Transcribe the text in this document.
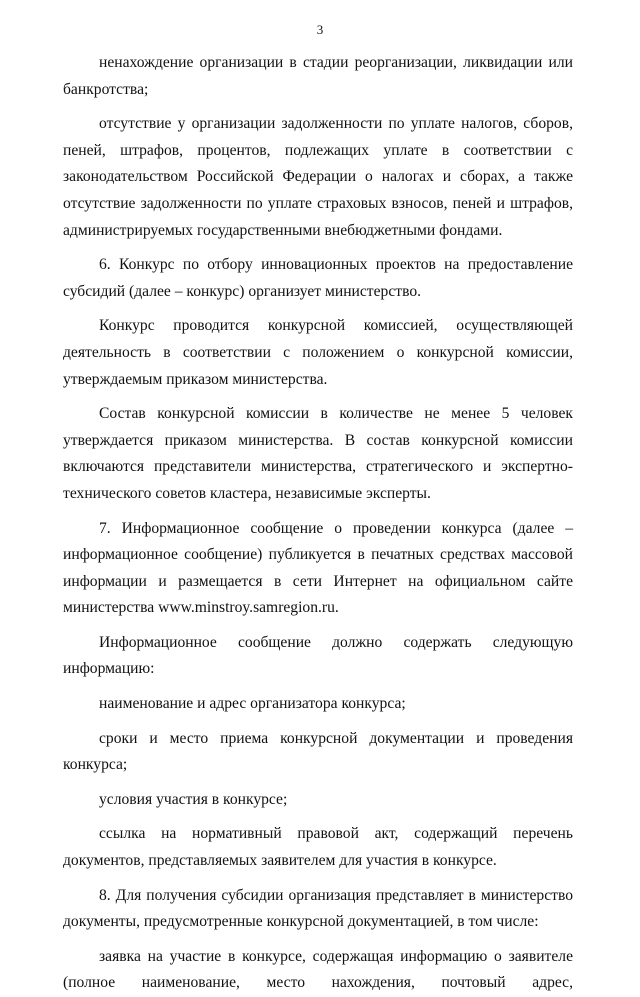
3

ненахождение организации в стадии реорганизации, ликвидации или банкротства;

отсутствие у организации задолженности по уплате налогов, сборов, пеней, штрафов, процентов, подлежащих уплате в соответствии с законодательством Российской Федерации о налогах и сборах, а также отсутствие задолженности по уплате страховых взносов, пеней и штрафов, администрируемых государственными внебюджетными фондами.

6. Конкурс по отбору инновационных проектов на предоставление субсидий (далее – конкурс) организует министерство.

Конкурс проводится конкурсной комиссией, осуществляющей деятельность в соответствии с положением о конкурсной комиссии, утверждаемым приказом министерства.

Состав конкурсной комиссии в количестве не менее 5 человек утверждается приказом министерства. В состав конкурсной комиссии включаются представители министерства, стратегического и экспертно-технического советов кластера, независимые эксперты.

7. Информационное сообщение о проведении конкурса (далее – информационное сообщение) публикуется в печатных средствах массовой информации и размещается в сети Интернет на официальном сайте министерства www.minstroy.samregion.ru.

Информационное сообщение должно содержать следующую информацию:

наименование и адрес организатора конкурса;

сроки и место приема конкурсной документации и проведения конкурса;

условия участия в конкурсе;

ссылка на нормативный правовой акт, содержащий перечень документов, представляемых заявителем для участия в конкурсе.

8. Для получения субсидии организация представляет в министерство документы, предусмотренные конкурсной документацией, в том числе:

заявка на участие в конкурсе, содержащая информацию о заявителе (полное наименование, место нахождения, почтовый адрес,
